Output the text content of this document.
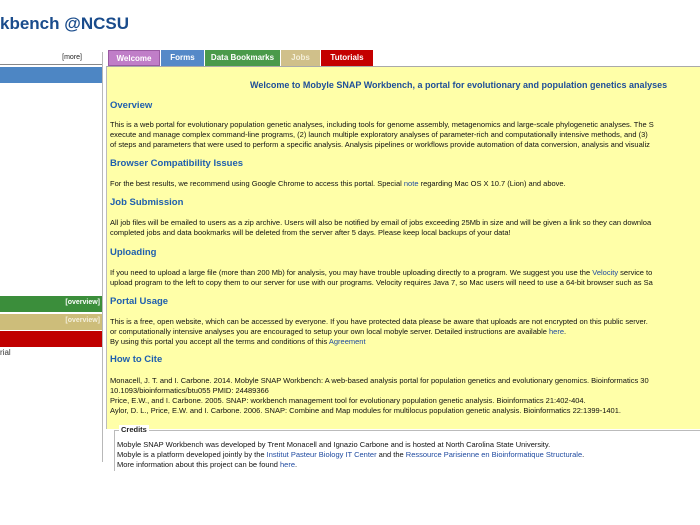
kbench @NCSU
[more]
[overview]
[overview]
rial
Welcome	Forms	Data Bookmarks	Jobs	Tutorials
Welcome to Mobyle SNAP Workbench, a portal for evolutionary and population genetics analyses
Overview
This is a web portal for evolutionary population genetic analyses, including tools for genome assembly, metagenomics and large-scale phylogenetic analyses. The S
execute and manage complex command-line programs, (2) launch multiple exploratory analyses of parameter-rich and computationally intensive methods, and (3)
of steps and parameters that were used to perform a specific analysis. Analysis pipelines or workflows provide automation of data conversion, analysis and visualiz
Browser Compatibility Issues
For the best results, we recommend using Google Chrome to access this portal. Special note regarding Mac OS X 10.7 (Lion) and above.
Job Submission
All job files will be emailed to users as a zip archive. Users will also be notified by email of jobs exceeding 25Mb in size and will be given a link so they can downloa
completed jobs and data bookmarks will be deleted from the server after 5 days. Please keep local backups of your data!
Uploading
If you need to upload a large file (more than 200 Mb) for analysis, you may have trouble uploading directly to a program. We suggest you use the Velocity service to
upload program to the left to copy them to our server for use with our programs. Velocity requires Java 7, so Mac users will need to use a 64-bit browser such as Sa
Portal Usage
This is a free, open website, which can be accessed by everyone. If you have protected data please be aware that uploads are not encrypted on this public server.
or computationally intensive analyses you are encouraged to setup your own local mobyle server. Detailed instructions are available here.
By using this portal you accept all the terms and conditions of this Agreement
How to Cite
Monacell, J. T. and I. Carbone. 2014. Mobyle SNAP Workbench: A web-based analysis portal for population genetics and evolutionary genomics. Bioinformatics 30
10.1093/bioinformatics/btu055 PMID: 24489366
Price, E.W., and I. Carbone. 2005. SNAP: workbench management tool for evolutionary population genetic analysis. Bioinformatics 21:402-404.
Aylor, D. L., Price, E.W. and I. Carbone. 2006. SNAP: Combine and Map modules for multilocus population genetic analysis. Bioinformatics 22:1399-1401.
Credits
Mobyle SNAP Workbench was developed by Trent Monacell and Ignazio Carbone and is hosted at North Carolina State University.
Mobyle is a platform developed jointly by the Institut Pasteur Biology IT Center and the Ressource Parisienne en Bioinformatique Structurale.
More information about this project can be found here.
